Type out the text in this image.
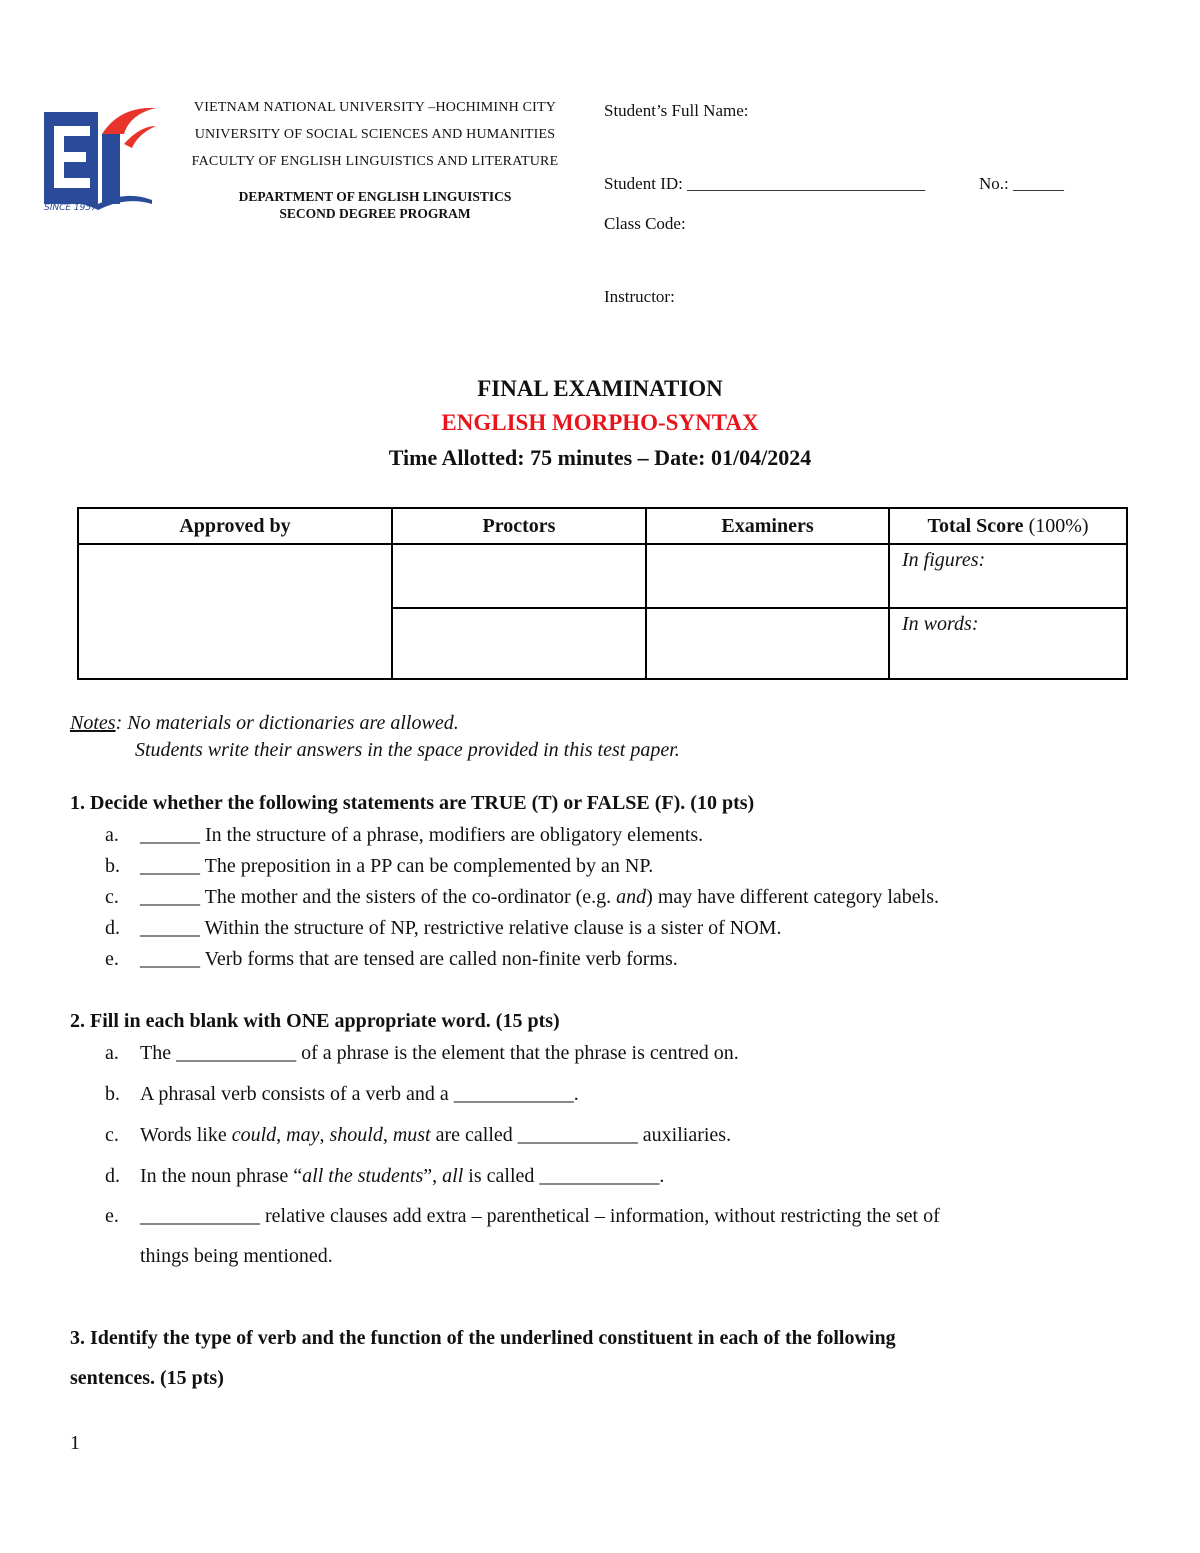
SINCE 1957
VIETNAM NATIONAL UNIVERSITY –HOCHIMINH CITY
UNIVERSITY OF SOCIAL SCIENCES AND HUMANITIES
FACULTY OF ENGLISH LINGUISTICS AND LITERATURE
DEPARTMENT OF ENGLISH LINGUISTICS
SECOND DEGREE PROGRAM
Student’s Full Name:
Student ID: ____________________________	No.: ______
Class Code:
Instructor:
FINAL EXAMINATION
ENGLISH MORPHO-SYNTAX
Time Allotted: 75 minutes – Date: 01/04/2024
Approved by	Proctors	Examiners	Total Score (100%)

			In figures:

			In words:
Notes: No materials or dictionaries are allowed.
Students write their answers in the space provided in this test paper.
1. Decide whether the following statements are TRUE (T) or FALSE (F). (10 pts)
a. ______ In the structure of a phrase, modifiers are obligatory elements.
b. ______ The preposition in a PP can be complemented by an NP.
c. ______ The mother and the sisters of the co-ordinator (e.g. and) may have different category labels.
d. ______ Within the structure of NP, restrictive relative clause is a sister of NOM.
e. ______ Verb forms that are tensed are called non-finite verb forms.
2. Fill in each blank with ONE appropriate word. (15 pts)
a. The ____________ of a phrase is the element that the phrase is centred on.
b. A phrasal verb consists of a verb and a ____________.
c. Words like could, may, should, must are called ____________ auxiliaries.
d. In the noun phrase “all the students”, all is called ____________.
e. ____________ relative clauses add extra – parenthetical – information, without restricting the set of
things being mentioned.
3. Identify the type of verb and the function of the underlined constituent in each of the following
sentences. (15 pts)
1
